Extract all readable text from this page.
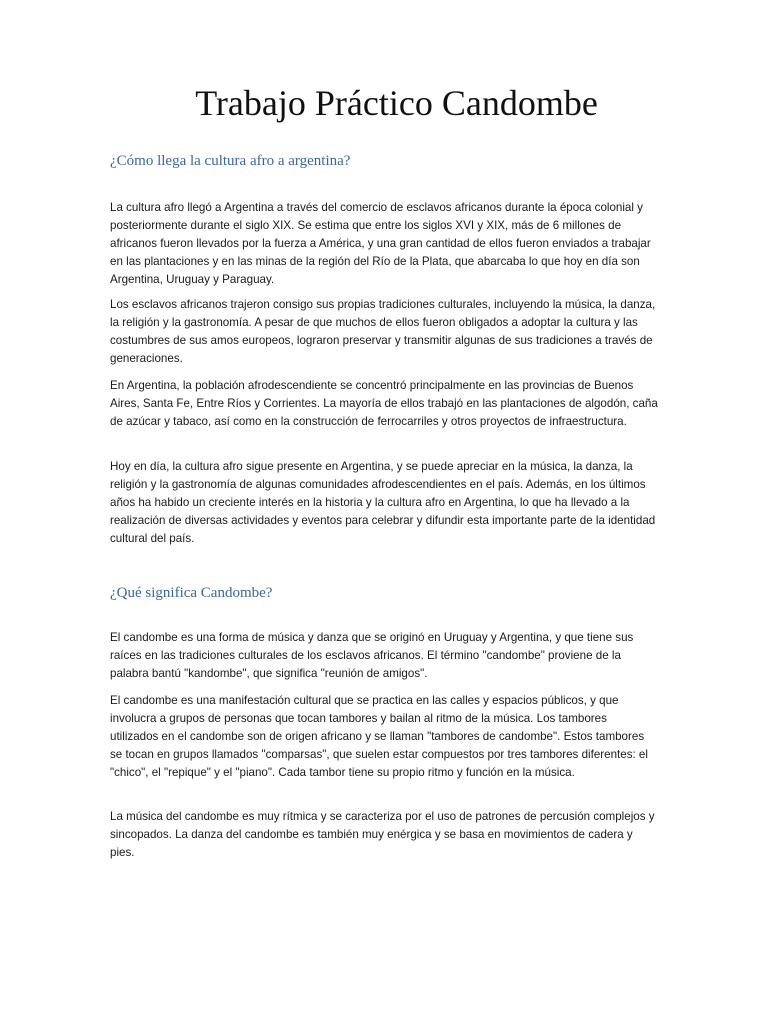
Trabajo Práctico Candombe
¿Cómo llega la cultura afro a argentina?

La cultura afro llegó a Argentina a través del comercio de esclavos africanos durante la época colonial y posteriormente durante el siglo XIX. Se estima que entre los siglos XVI y XIX, más de 6 millones de africanos fueron llevados por la fuerza a América, y una gran cantidad de ellos fueron enviados a trabajar en las plantaciones y en las minas de la región del Río de la Plata, que abarcaba lo que hoy en día son Argentina, Uruguay y Paraguay.

Los esclavos africanos trajeron consigo sus propias tradiciones culturales, incluyendo la música, la danza, la religión y la gastronomía. A pesar de que muchos de ellos fueron obligados a adoptar la cultura y las costumbres de sus amos europeos, lograron preservar y transmitir algunas de sus tradiciones a través de generaciones.

En Argentina, la población afrodescendiente se concentró principalmente en las provincias de Buenos Aires, Santa Fe, Entre Ríos y Corrientes. La mayoría de ellos trabajó en las plantaciones de algodón, caña de azúcar y tabaco, así como en la construcción de ferrocarriles y otros proyectos de infraestructura.

Hoy en día, la cultura afro sigue presente en Argentina, y se puede apreciar en la música, la danza, la religión y la gastronomía de algunas comunidades afrodescendientes en el país. Además, en los últimos años ha habido un creciente interés en la historia y la cultura afro en Argentina, lo que ha llevado a la realización de diversas actividades y eventos para celebrar y difundir esta importante parte de la identidad cultural del país.

¿Qué significa Candombe?

El candombe es una forma de música y danza que se originó en Uruguay y Argentina, y que tiene sus raíces en las tradiciones culturales de los esclavos africanos. El término "candombe" proviene de la palabra bantú "kandombe", que significa "reunión de amigos".

El candombe es una manifestación cultural que se practica en las calles y espacios públicos, y que involucra a grupos de personas que tocan tambores y bailan al ritmo de la música. Los tambores utilizados en el candombe son de origen africano y se llaman "tambores de candombe". Estos tambores se tocan en grupos llamados "comparsas", que suelen estar compuestos por tres tambores diferentes: el "chico", el "repique" y el "piano". Cada tambor tiene su propio ritmo y función en la música.

La música del candombe es muy rítmica y se caracteriza por el uso de patrones de percusión complejos y sincopados. La danza del candombe es también muy enérgica y se basa en movimientos de cadera y pies.
